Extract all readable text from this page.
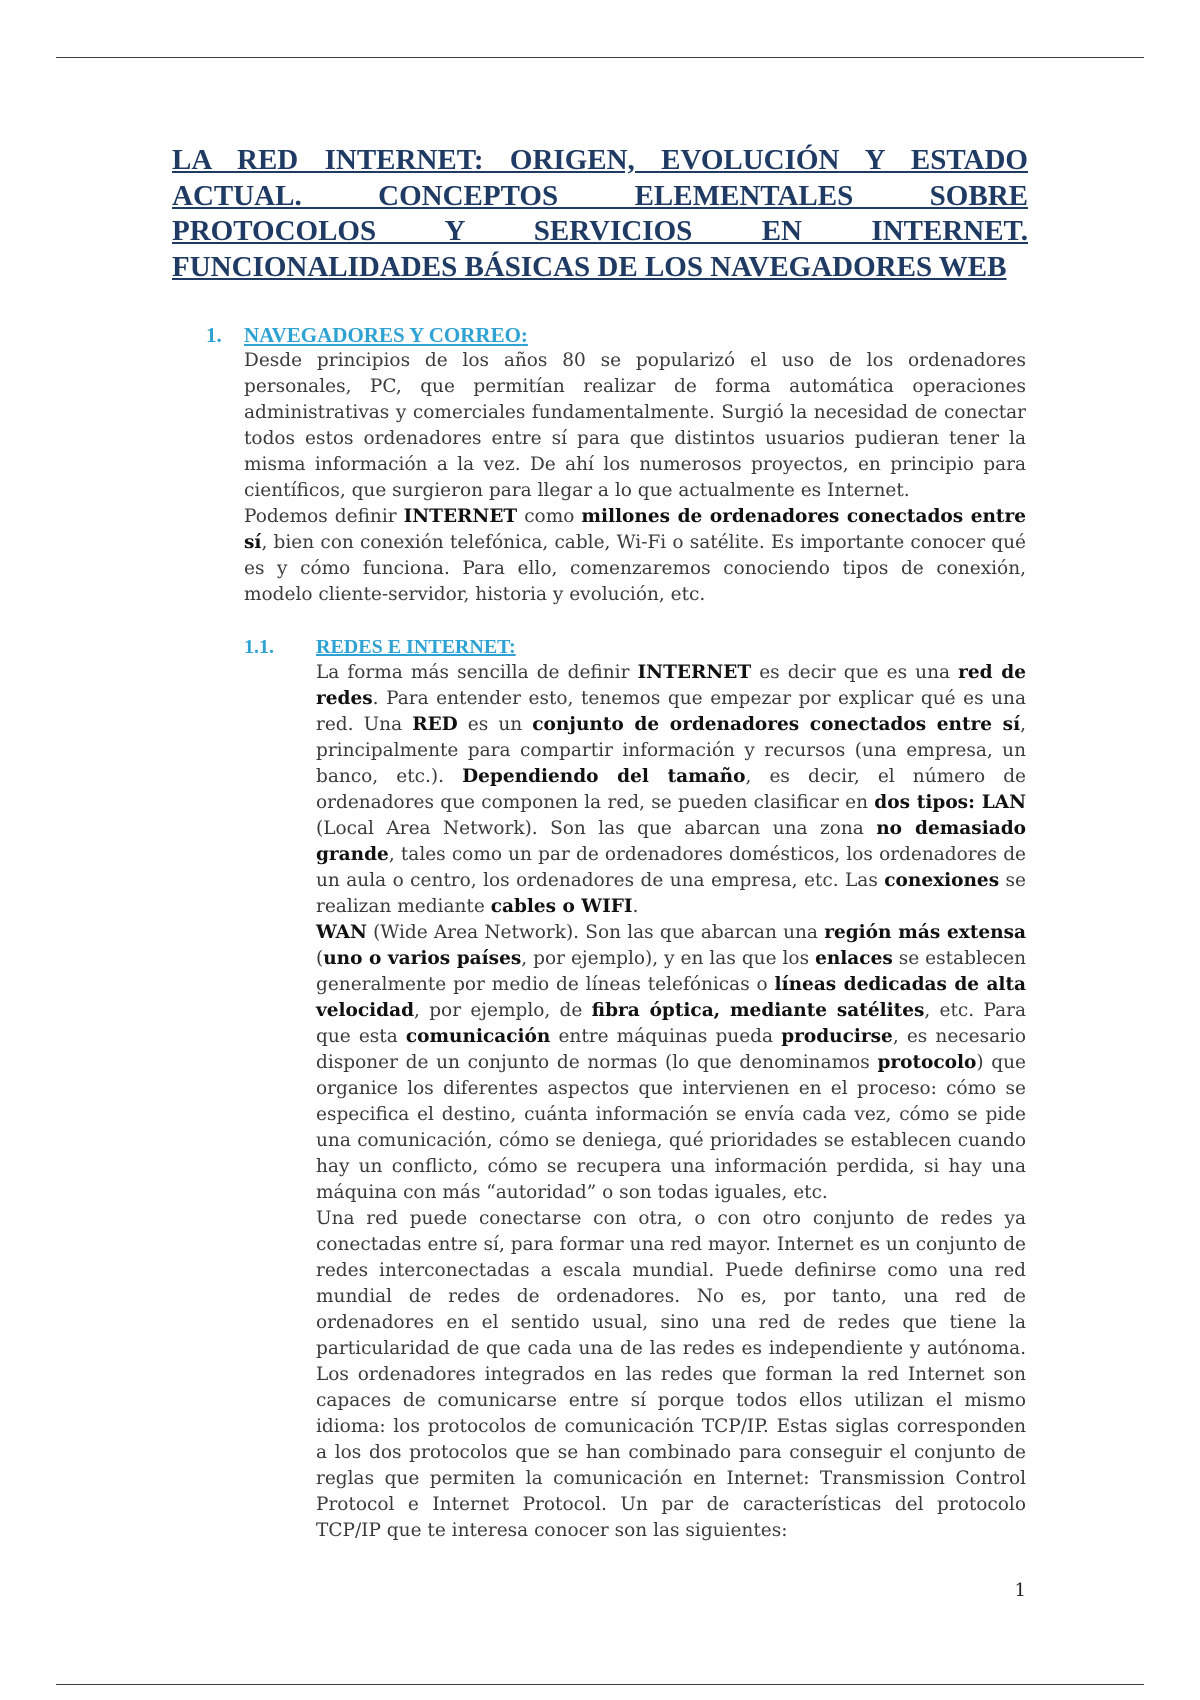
LA RED INTERNET: ORIGEN, EVOLUCIÓN Y ESTADO ACTUAL. CONCEPTOS ELEMENTALES SOBRE PROTOCOLOS Y SERVICIOS EN INTERNET. FUNCIONALIDADES BÁSICAS DE LOS NAVEGADORES WEB
1. NAVEGADORES Y CORREO:

Desde principios de los años 80 se popularizó el uso de los ordenadores personales, PC, que permitían realizar de forma automática operaciones administrativas y comerciales fundamentalmente. Surgió la necesidad de conectar todos estos ordenadores entre sí para que distintos usuarios pudieran tener la misma información a la vez. De ahí los numerosos proyectos, en principio para científicos, que surgieron para llegar a lo que actualmente es Internet.

Podemos definir INTERNET como millones de ordenadores conectados entre sí, bien con conexión telefónica, cable, Wi-Fi o satélite. Es importante conocer qué es y cómo funciona. Para ello, comenzaremos conociendo tipos de conexión, modelo cliente-servidor, historia y evolución, etc.

1.1. REDES E INTERNET:

La forma más sencilla de definir INTERNET es decir que es una red de redes. Para entender esto, tenemos que empezar por explicar qué es una red. Una RED es un conjunto de ordenadores conectados entre sí, principalmente para compartir información y recursos (una empresa, un banco, etc.). Dependiendo del tamaño, es decir, el número de ordenadores que componen la red, se pueden clasificar en dos tipos: LAN (Local Area Network). Son las que abarcan una zona no demasiado grande, tales como un par de ordenadores domésticos, los ordenadores de un aula o centro, los ordenadores de una empresa, etc. Las conexiones se realizan mediante cables o WIFI.

WAN (Wide Area Network). Son las que abarcan una región más extensa (uno o varios países, por ejemplo), y en las que los enlaces se establecen generalmente por medio de líneas telefónicas o líneas dedicadas de alta velocidad, por ejemplo, de fibra óptica, mediante satélites, etc. Para que esta comunicación entre máquinas pueda producirse, es necesario disponer de un conjunto de normas (lo que denominamos protocolo) que organice los diferentes aspectos que intervienen en el proceso: cómo se especifica el destino, cuánta información se envía cada vez, cómo se pide una comunicación, cómo se deniega, qué prioridades se establecen cuando hay un conflicto, cómo se recupera una información perdida, si hay una máquina con más “autoridad” o son todas iguales, etc.

Una red puede conectarse con otra, o con otro conjunto de redes ya conectadas entre sí, para formar una red mayor. Internet es un conjunto de redes interconectadas a escala mundial. Puede definirse como una red mundial de redes de ordenadores. No es, por tanto, una red de ordenadores en el sentido usual, sino una red de redes que tiene la particularidad de que cada una de las redes es independiente y autónoma. Los ordenadores integrados en las redes que forman la red Internet son capaces de comunicarse entre sí porque todos ellos utilizan el mismo idioma: los protocolos de comunicación TCP/IP. Estas siglas corresponden a los dos protocolos que se han combinado para conseguir el conjunto de reglas que permiten la comunicación en Internet: Transmission Control Protocol e Internet Protocol. Un par de características del protocolo TCP/IP que te interesa conocer son las siguientes:

1
